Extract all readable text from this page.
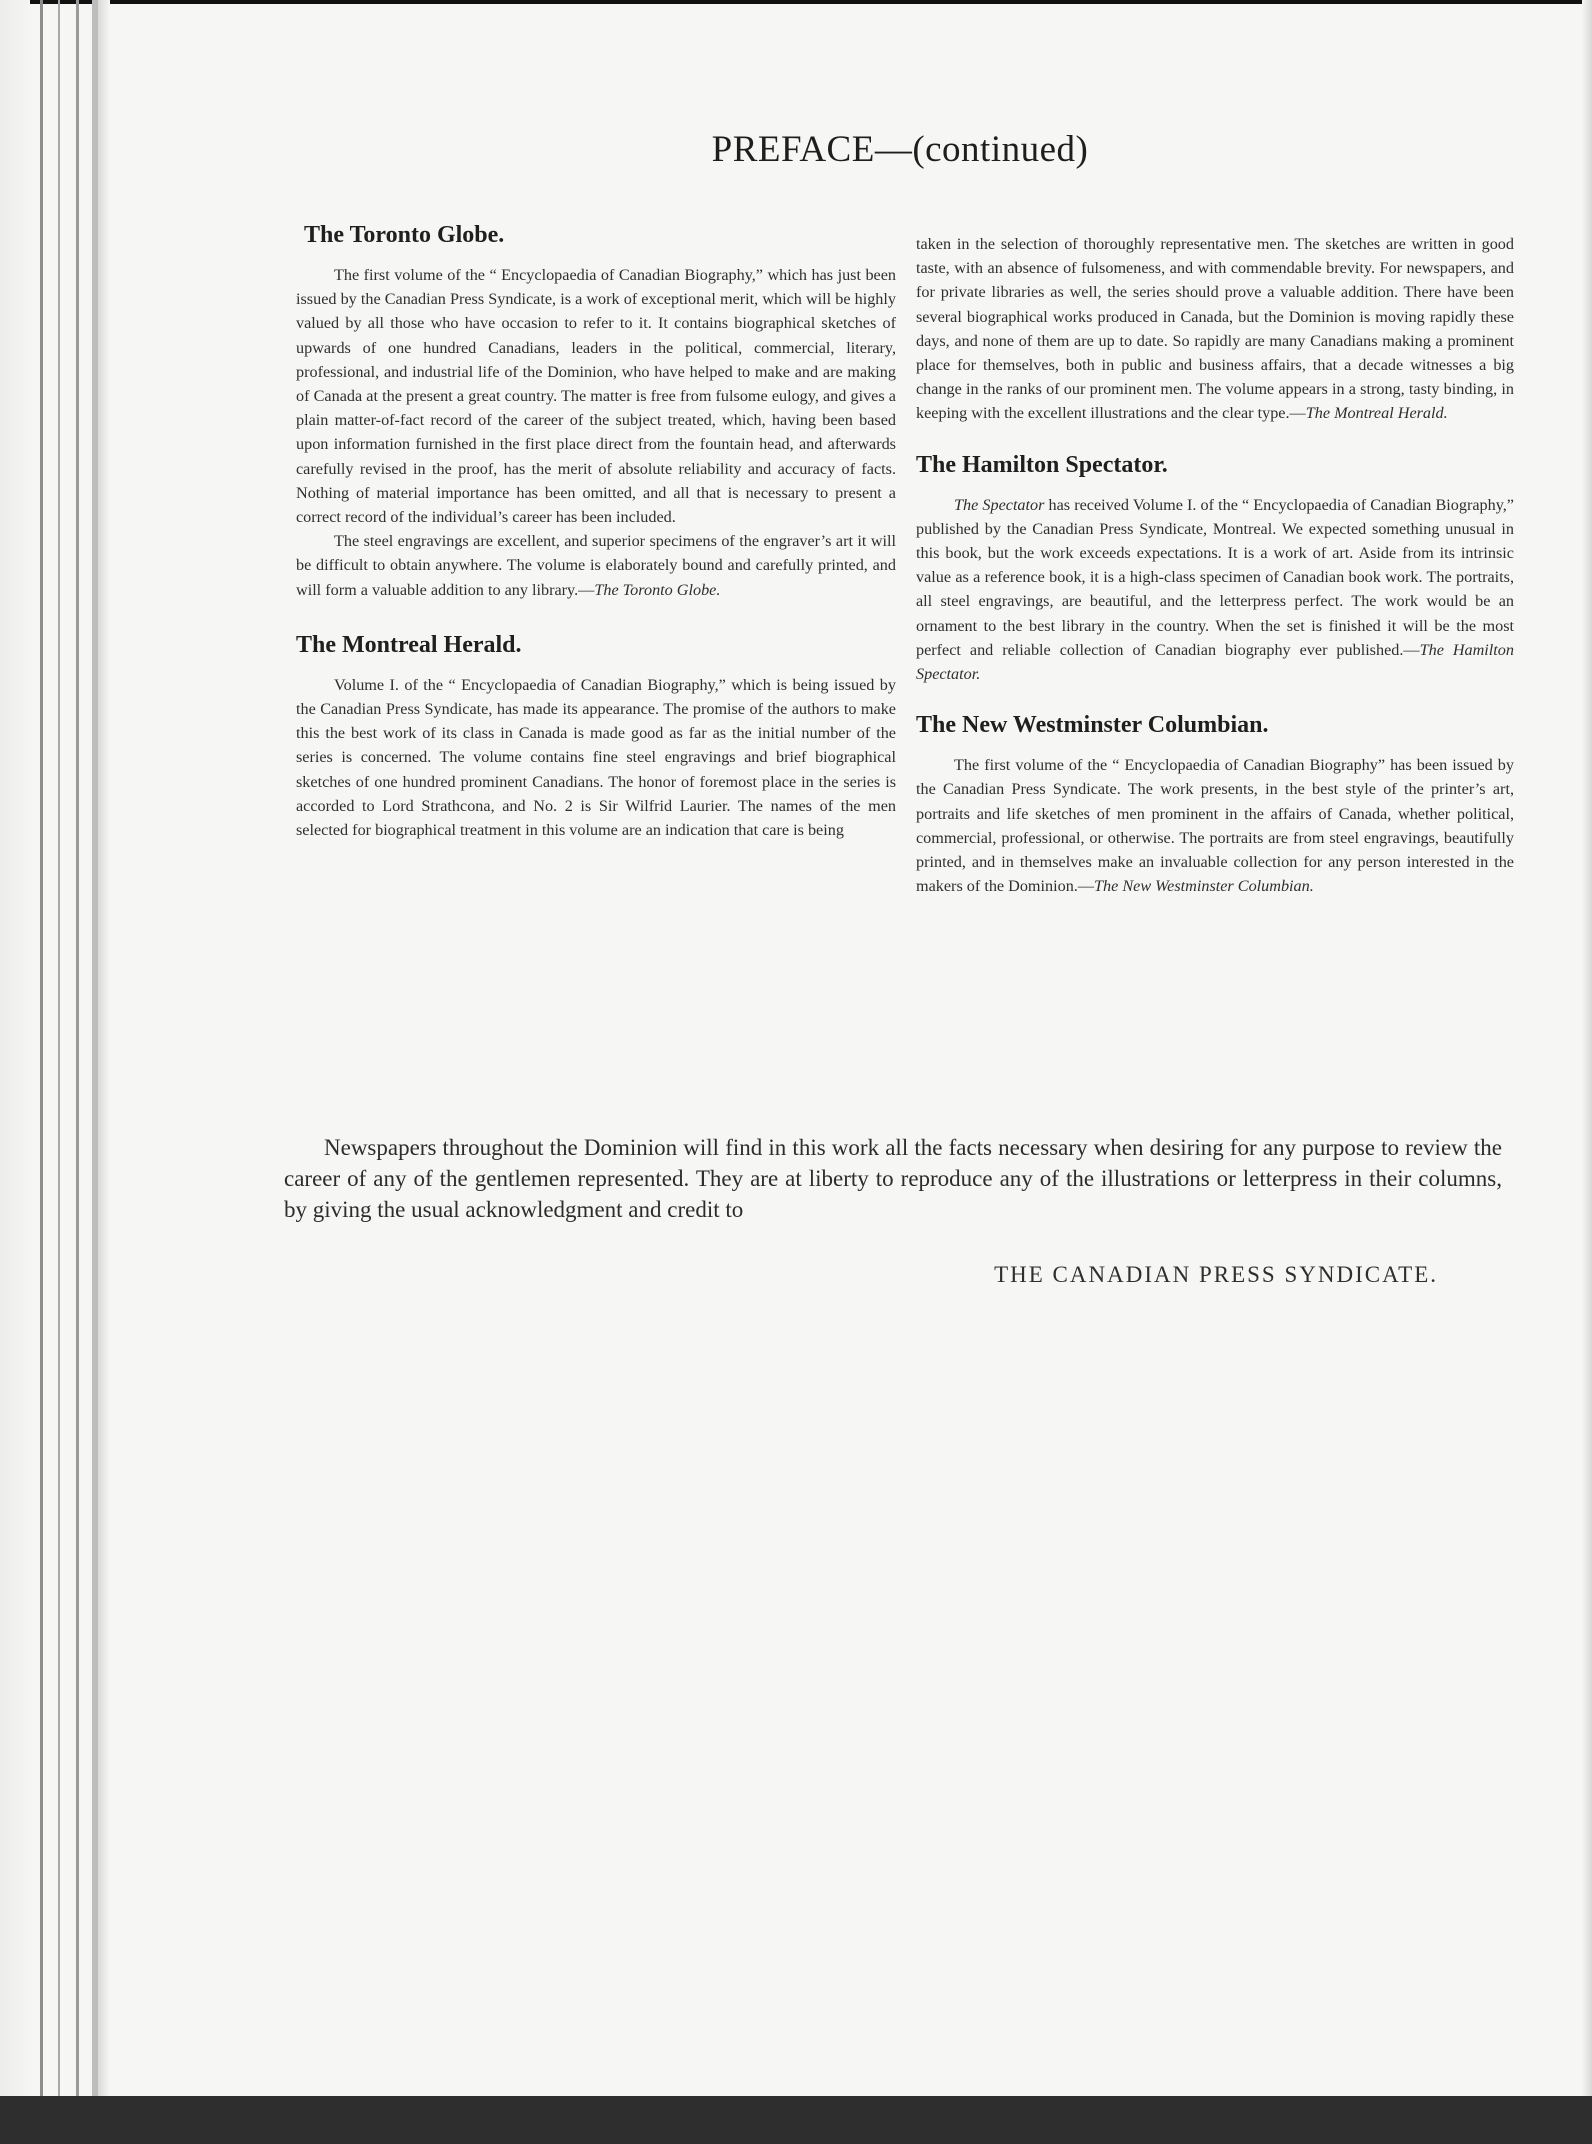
PREFACE—(continued)
The Toronto Globe.

The first volume of the “ Encyclopaedia of Canadian Biography,” which has just been issued by the Canadian Press Syndicate, is a work of exceptional merit, which will be highly valued by all those who have occasion to refer to it. It contains biographical sketches of upwards of one hundred Canadians, leaders in the political, commercial, literary, professional, and industrial life of the Dominion, who have helped to make and are making of Canada at the present a great country. The matter is free from fulsome eulogy, and gives a plain matter-of-fact record of the career of the subject treated, which, having been based upon information furnished in the first place direct from the fountain head, and afterwards carefully revised in the proof, has the merit of absolute reliability and accuracy of facts. Nothing of material importance has been omitted, and all that is necessary to present a correct record of the individual’s career has been included.

The steel engravings are excellent, and superior specimens of the engraver’s art it will be difficult to obtain anywhere. The volume is elaborately bound and carefully printed, and will form a valuable addition to any library.—The Toronto Globe.

The Montreal Herald.

Volume I. of the “ Encyclopaedia of Canadian Biography,” which is being issued by the Canadian Press Syndicate, has made its appearance. The promise of the authors to make this the best work of its class in Canada is made good as far as the initial number of the series is concerned. The volume contains fine steel engravings and brief biographical sketches of one hundred prominent Canadians. The honor of foremost place in the series is accorded to Lord Strathcona, and No. 2 is Sir Wilfrid Laurier. The names of the men selected for biographical treatment in this volume are an indication that care is being

taken in the selection of thoroughly representative men. The sketches are written in good taste, with an absence of fulsomeness, and with commendable brevity. For newspapers, and for private libraries as well, the series should prove a valuable addition. There have been several biographical works produced in Canada, but the Dominion is moving rapidly these days, and none of them are up to date. So rapidly are many Canadians making a prominent place for themselves, both in public and business affairs, that a decade witnesses a big change in the ranks of our prominent men. The volume appears in a strong, tasty binding, in keeping with the excellent illustrations and the clear type.—The Montreal Herald.

The Hamilton Spectator.

The Spectator has received Volume I. of the “ Encyclopaedia of Canadian Biography,” published by the Canadian Press Syndicate, Montreal. We expected something unusual in this book, but the work exceeds expectations. It is a work of art. Aside from its intrinsic value as a reference book, it is a high-class specimen of Canadian book work. The portraits, all steel engravings, are beautiful, and the letterpress perfect. The work would be an ornament to the best library in the country. When the set is finished it will be the most perfect and reliable collection of Canadian biography ever published.—The Hamilton Spectator.

The New Westminster Columbian.

The first volume of the “ Encyclopaedia of Canadian Biography” has been issued by the Canadian Press Syndicate. The work presents, in the best style of the printer’s art, portraits and life sketches of men prominent in the affairs of Canada, whether political, commercial, professional, or otherwise. The portraits are from steel engravings, beautifully printed, and in themselves make an invaluable collection for any person interested in the makers of the Dominion.—The New Westminster Columbian.

Newspapers throughout the Dominion will find in this work all the facts necessary when desiring for any purpose to review the career of any of the gentlemen represented. They are at liberty to reproduce any of the illustrations or letterpress in their columns, by giving the usual acknowledgment and credit to

THE CANADIAN PRESS SYNDICATE.
